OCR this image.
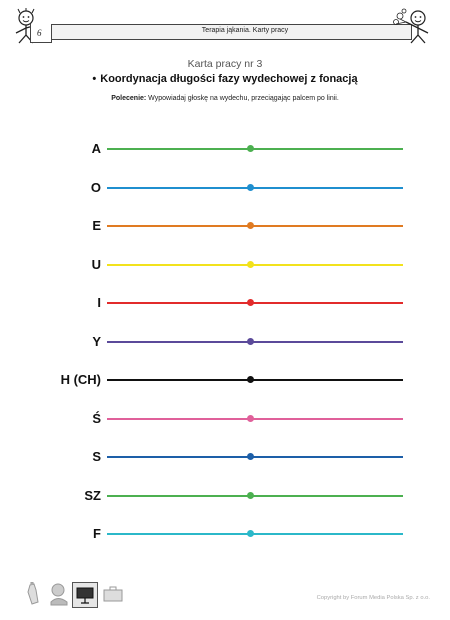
6	Terapia jąkania. Karty pracy
Karta pracy nr 3
• Koordynacja długości fazy wydechowej z fonacją
Polecenie: Wypowiadaj głoskę na wydechu, przeciągając palcem po linii.
A
O
E
U
I
Y
H (CH)
Ś
S
SZ
F
Copyright by Forum Media Polska Sp. z o.o.
